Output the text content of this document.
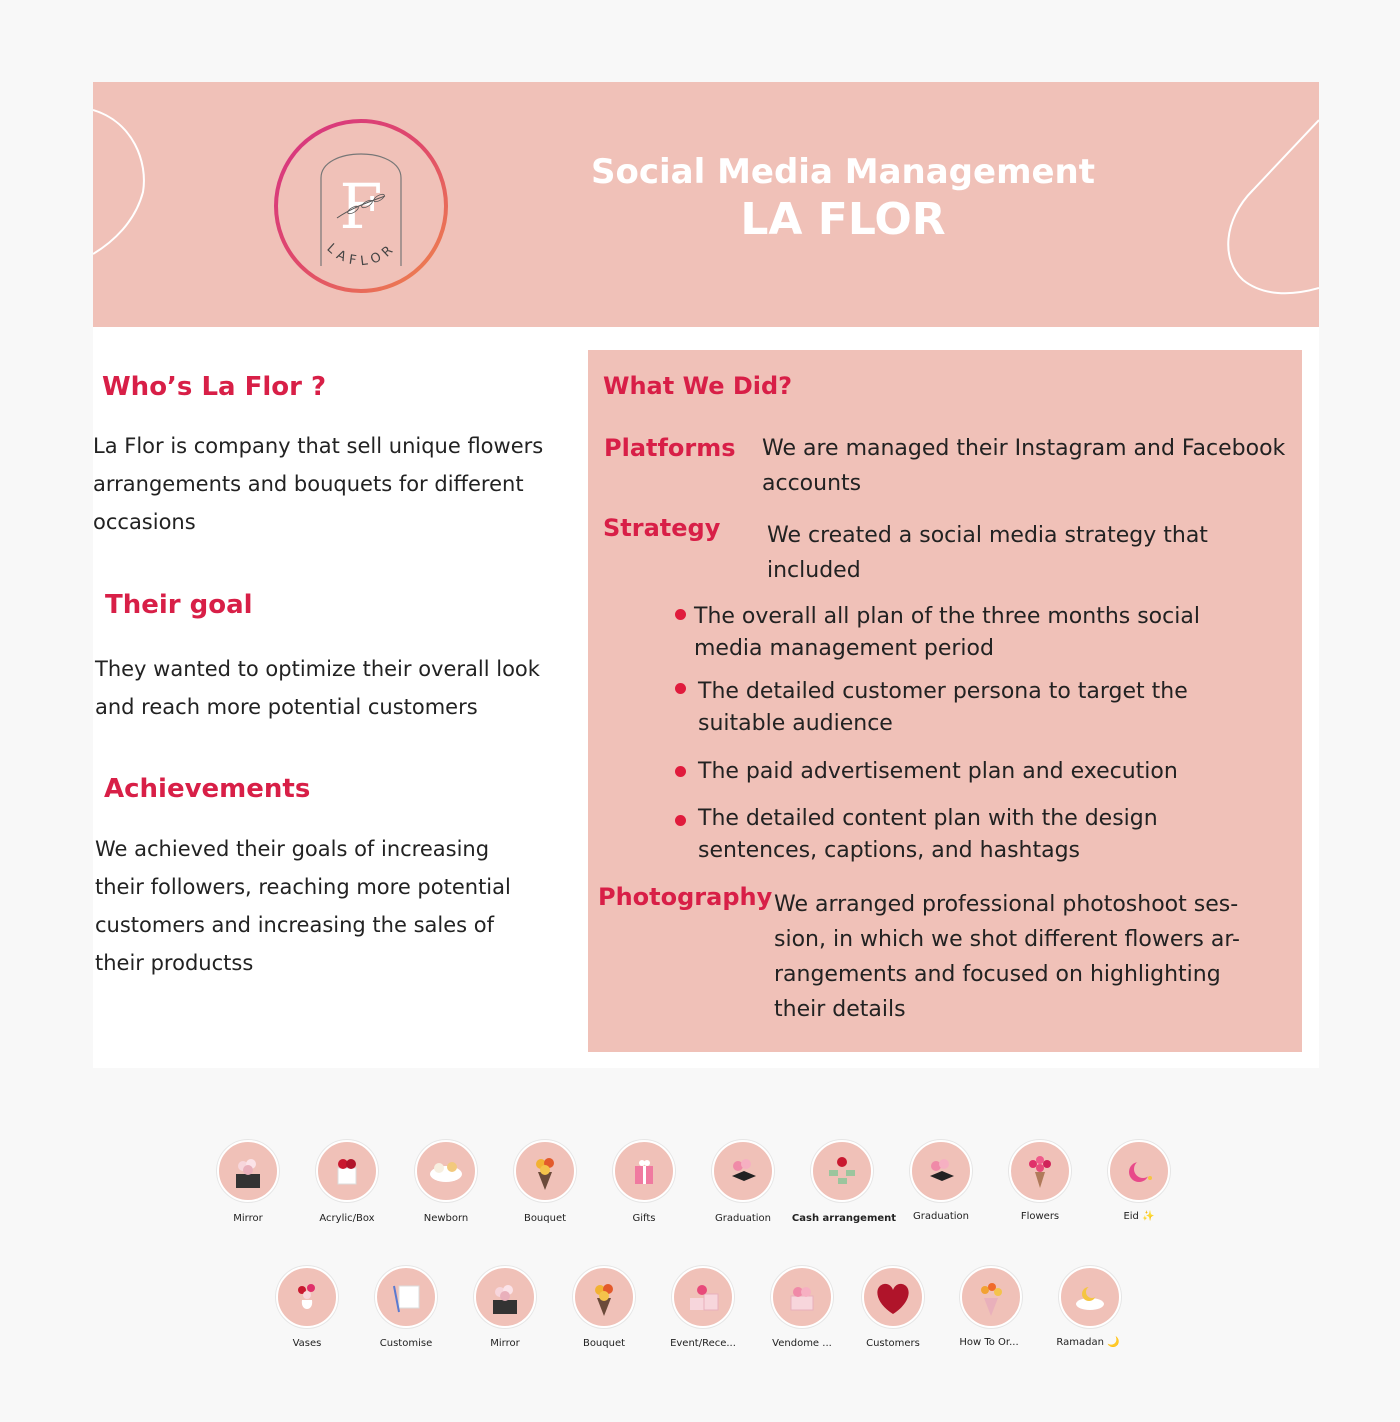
F
LAFLOR
Social Media Management
LA FLOR
Who’s La Flor ?
La Flor is company that sell unique flowers
arrangements and bouquets for different
occasions
Their goal
They wanted to optimize their overall look
and reach more potential customers
Achievements
We achieved their goals of increasing
their followers, reaching more potential
customers and increasing the sales of
their productss
What We Did?
Platforms We are managed their Instagram and Facebook
accounts
Strategy We created a social media strategy that
included
The overall all plan of the three months social
media management period
The detailed customer persona to target the
suitable audience
The paid advertisement plan and execution
The detailed content plan with the design
sentences, captions, and hashtags
Photography We arranged professional photoshoot ses-
sion, in which we shot different flowers ar-
rangements and focused on highlighting
their details
Mirror	Acrylic/Box	Newborn	Bouquet	Gifts	Graduation	Cash arrangement	Graduation	Flowers	Eid ✨
Vases	Customise	Mirror	Bouquet	Event/Rece...	Vendome ...	Customers	How To Or...	Ramadan 🌙
